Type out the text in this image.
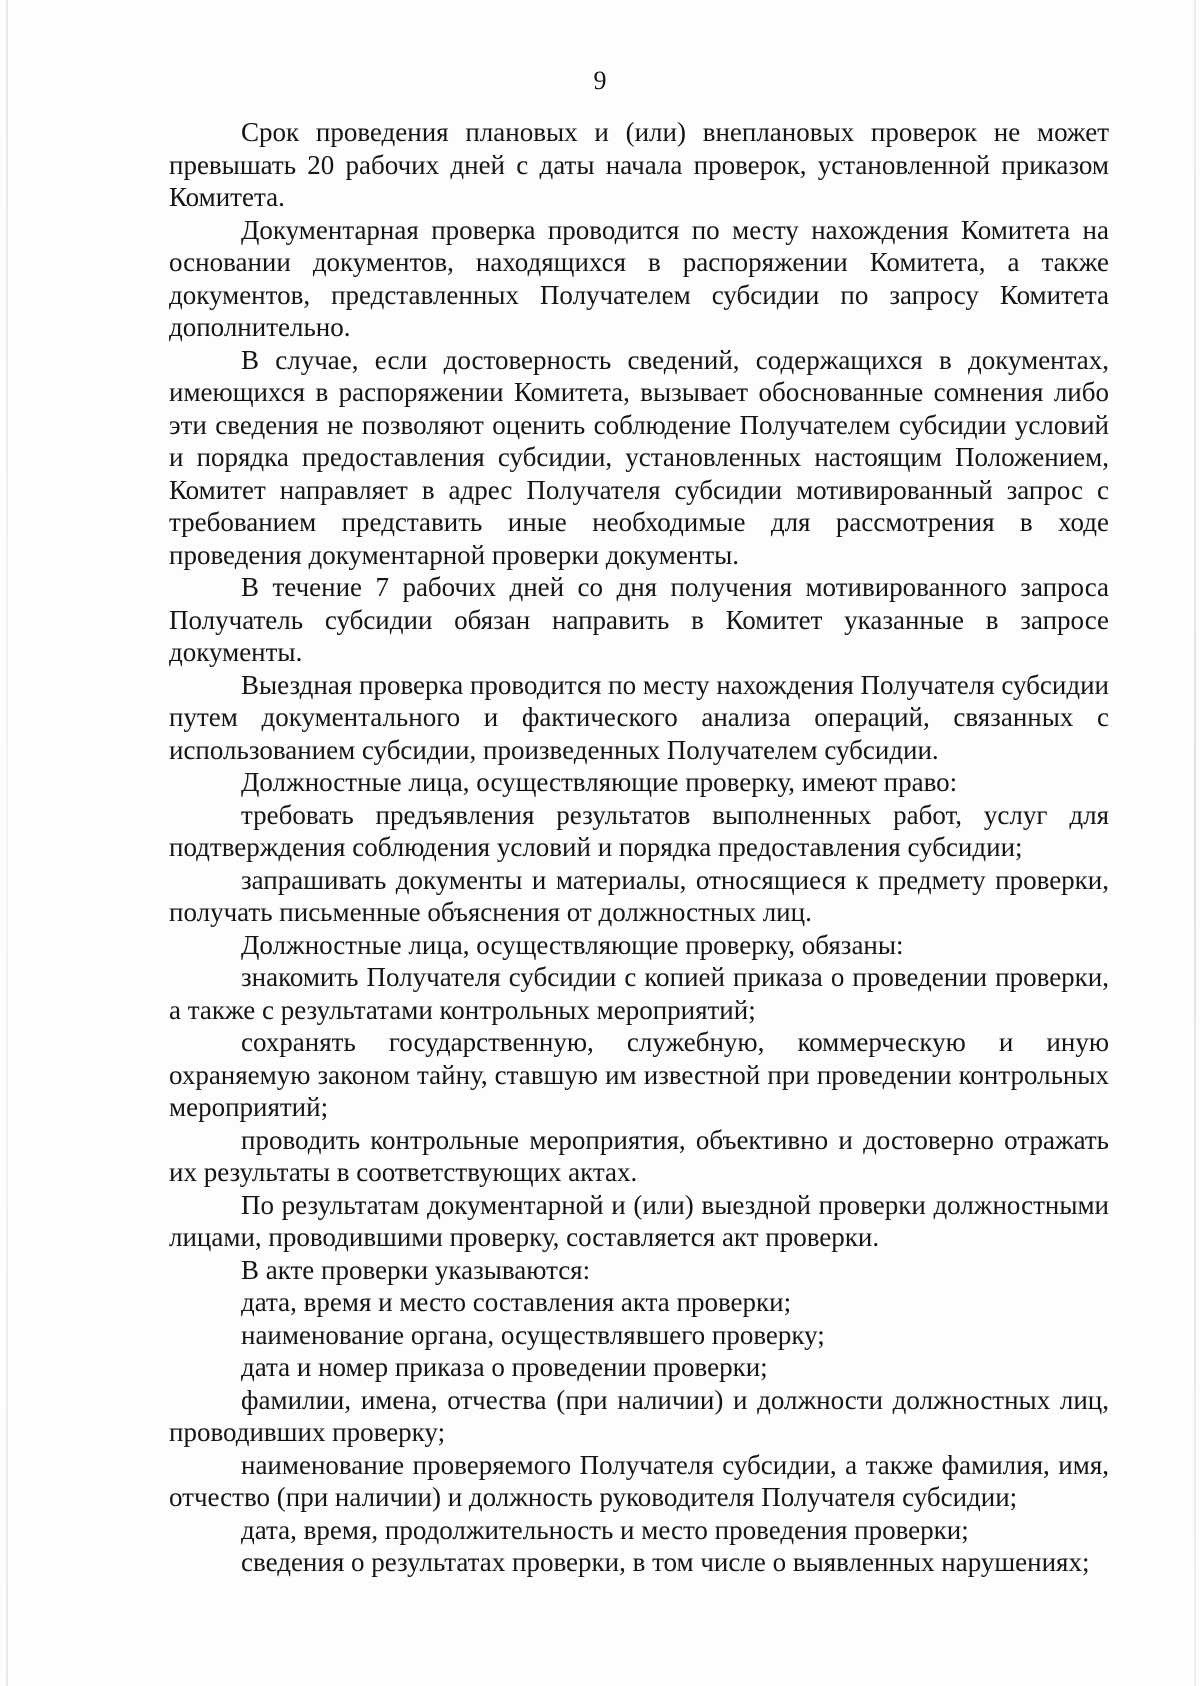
9

Срок проведения плановых и (или) внеплановых проверок не может превышать 20 рабочих дней с даты начала проверок, установленной приказом Комитета.

Документарная проверка проводится по месту нахождения Комитета на основании документов, находящихся в распоряжении Комитета, а также документов, представленных Получателем субсидии по запросу Комитета дополнительно.

В случае, если достоверность сведений, содержащихся в документах, имеющихся в распоряжении Комитета, вызывает обоснованные сомнения либо эти сведения не позволяют оценить соблюдение Получателем субсидии условий и порядка предоставления субсидии, установленных настоящим Положением, Комитет направляет в адрес Получателя субсидии мотивированный запрос с требованием представить иные необходимые для рассмотрения в ходе проведения документарной проверки документы.

В течение 7 рабочих дней со дня получения мотивированного запроса Получатель субсидии обязан направить в Комитет указанные в запросе документы.

Выездная проверка проводится по месту нахождения Получателя субсидии путем документального и фактического анализа операций, связанных с использованием субсидии, произведенных Получателем субсидии.

Должностные лица, осуществляющие проверку, имеют право:

требовать предъявления результатов выполненных работ, услуг для подтверждения соблюдения условий и порядка предоставления субсидии;

запрашивать документы и материалы, относящиеся к предмету проверки, получать письменные объяснения от должностных лиц.

Должностные лица, осуществляющие проверку, обязаны:

знакомить Получателя субсидии с копией приказа о проведении проверки, а также с результатами контрольных мероприятий;

сохранять государственную, служебную, коммерческую и иную охраняемую законом тайну, ставшую им известной при проведении контрольных мероприятий;

проводить контрольные мероприятия, объективно и достоверно отражать их результаты в соответствующих актах.

По результатам документарной и (или) выездной проверки должностными лицами, проводившими проверку, составляется акт проверки.

В акте проверки указываются:

дата, время и место составления акта проверки;

наименование органа, осуществлявшего проверку;

дата и номер приказа о проведении проверки;

фамилии, имена, отчества (при наличии) и должности должностных лиц, проводивших проверку;

наименование проверяемого Получателя субсидии, а также фамилия, имя, отчество (при наличии) и должность руководителя Получателя субсидии;

дата, время, продолжительность и место проведения проверки;

сведения о результатах проверки, в том числе о выявленных нарушениях;
